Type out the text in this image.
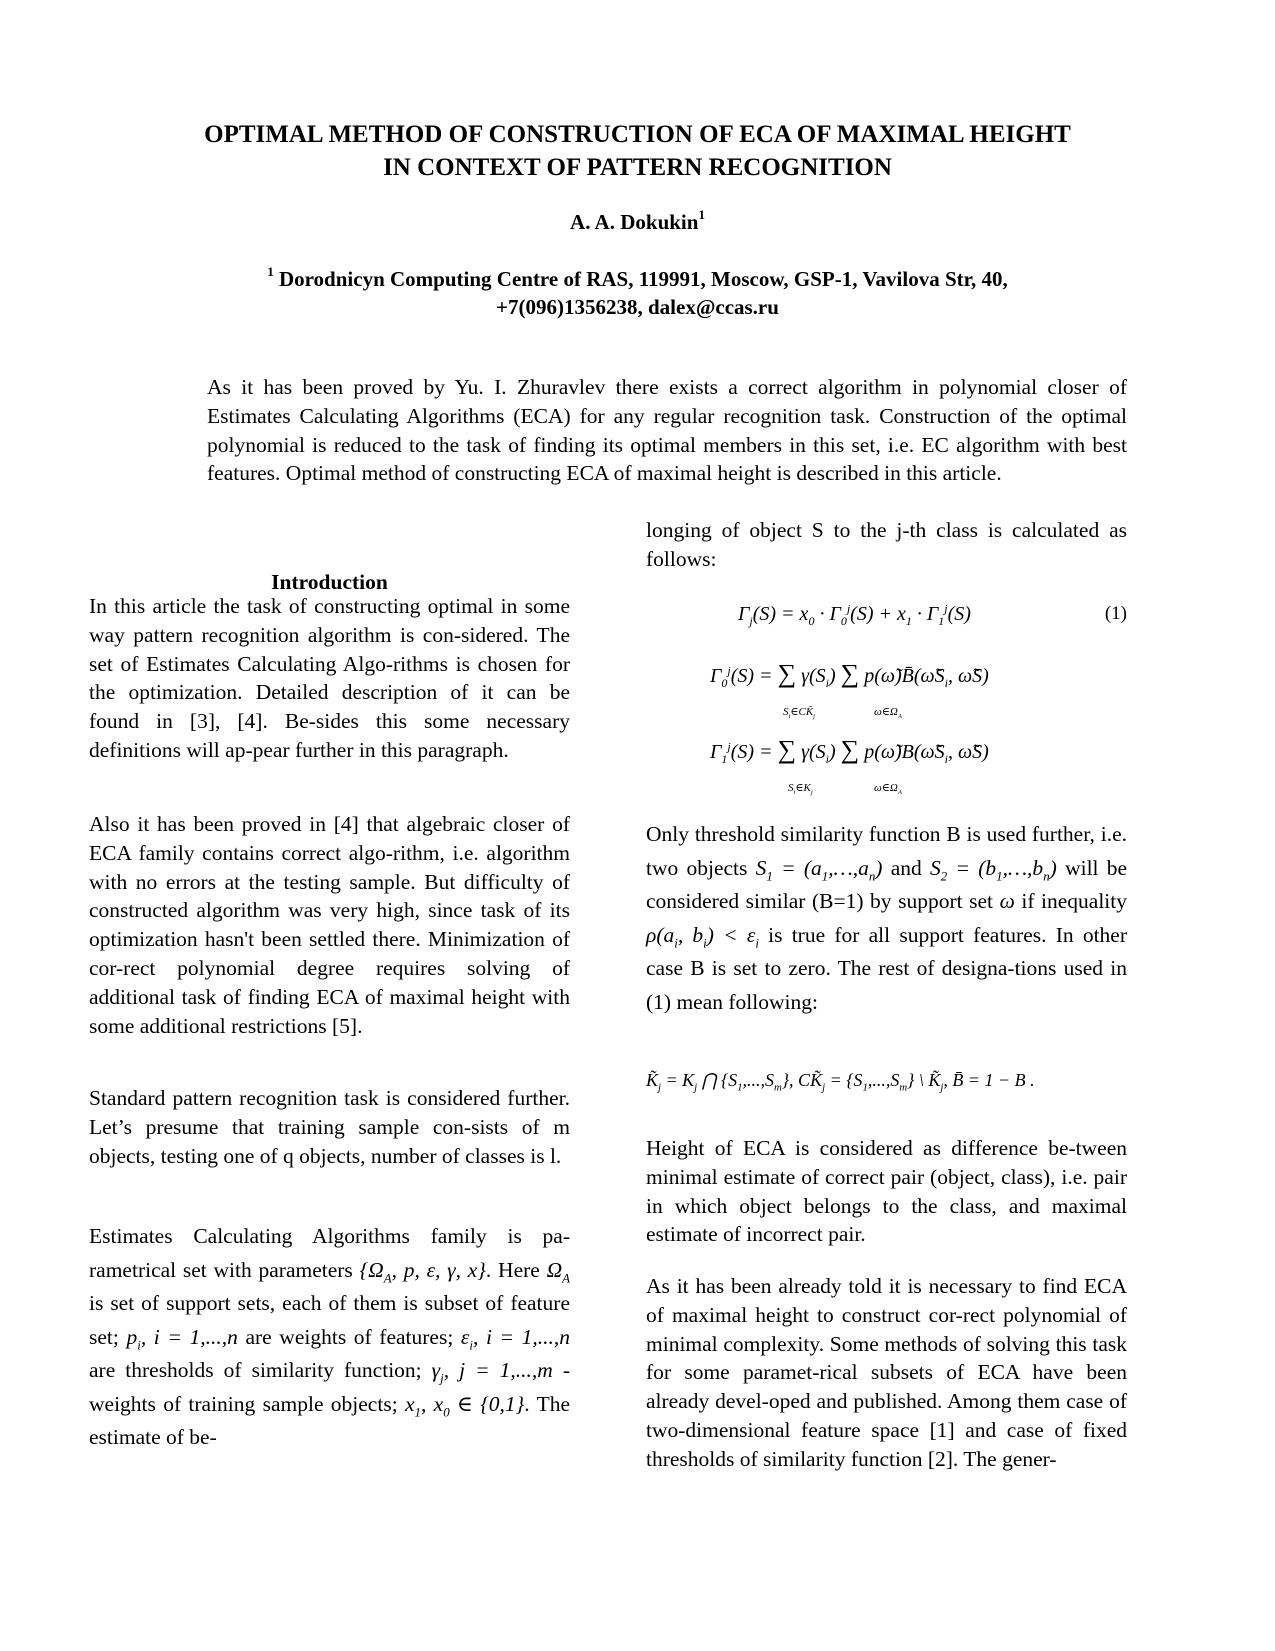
OPTIMAL METHOD OF CONSTRUCTION OF ECA OF MAXIMAL HEIGHT
IN CONTEXT OF PATTERN RECOGNITION
A. A. Dokukin$^1$
$^1$ Dorodnicyn Computing Centre of RAS, 119991, Moscow, GSP-1, Vavilova Str, 40,
+7(096)1356238, dalex@ccas.ru

As it has been proved by Yu. I. Zhuravlev there exists a correct algorithm in polynomial closer of Estimates Calculating Algorithms (ECA) for any regular recognition task. Construction of the optimal polynomial is reduced to the task of finding its optimal members in this set, i.e. EC algorithm with best features. Optimal method of constructing ECA of maximal height is described in this article.

Introduction

In this article the task of constructing optimal in some way pattern recognition algorithm is con-sidered. The set of Estimates Calculating Algo-rithms is chosen for the optimization. Detailed description of it can be found in [3], [4]. Be-sides this some necessary definitions will ap-pear further in this paragraph.

Also it has been proved in [4] that algebraic closer of ECA family contains correct algo-rithm, i.e. algorithm with no errors at the testing sample. But difficulty of constructed algorithm was very high, since task of its optimization hasn't been settled there. Minimization of cor-rect polynomial degree requires solving of additional task of finding ECA of maximal height with some additional restrictions [5].

Standard pattern recognition task is considered further. Let’s presume that training sample con-sists of m objects, testing one of q objects, number of classes is l.

Estimates Calculating Algorithms family is pa-rametrical set with parameters {$\Omega_A$, p, ε, γ, x}. Here $\Omega_A$ is set of support sets, each of them is subset of feature set; $p_i$, i = 1,...,n are weights of features; $\varepsilon_i$, i = 1,...,n are thresholds of similarity function; $\gamma_j$, j = 1,...,m - weights of training sample objects; $x_1$, $x_0$ ∈ {0,1}. The estimate of be-

longing of object S to the j-th class is calculated as follows:

$\Gamma_j(S) = x_0 \cdot \Gamma_0^j(S) + x_1 \cdot \Gamma_1^j(S)$	(1)
$\Gamma_0^j(S)$ = ∑ $\gamma(S_i)$ ∑ $p(\omegã)B̄(\omegãS_i$, ω̃S)
$S_i\in CK̃_j$	$\omega\in\Omega_A$
$\Gamma_1^j(S)$ = ∑ $\gamma(S_i)$ ∑ $p(\omegã)B(\omegãS_i$, ω̃S)
$S_i\in K_j$	$\omega\in\Omega_A$

Only threshold similarity function B is used further, i.e. two objects $S_1$ = $(a_1,\dots,a_n)$ and $S_2$ = $(b_1,\dots,b_n)$ will be considered similar (B=1) by support set ω if inequality $\rho(a_i$, $b_i) < \varepsilon_i$ is true for all support features. In other case B is set to zero. The rest of designa-tions used in (1) mean following:

$K̃_j = K_j$ ⋂ $\{S_1,...,S_m\}$, $CK̃_j = \{S_1,...,S_m\}$ \ $K̃_j$, B̄ = 1 − B .

Height of ECA is considered as difference be-tween minimal estimate of correct pair (object, class), i.e. pair in which object belongs to the class, and maximal estimate of incorrect pair.

As it has been already told it is necessary to find ECA of maximal height to construct cor-rect polynomial of minimal complexity. Some methods of solving this task for some paramet-rical subsets of ECA have been already devel-oped and published. Among them case of two-dimensional feature space [1] and case of fixed thresholds of similarity function [2]. The gener-
